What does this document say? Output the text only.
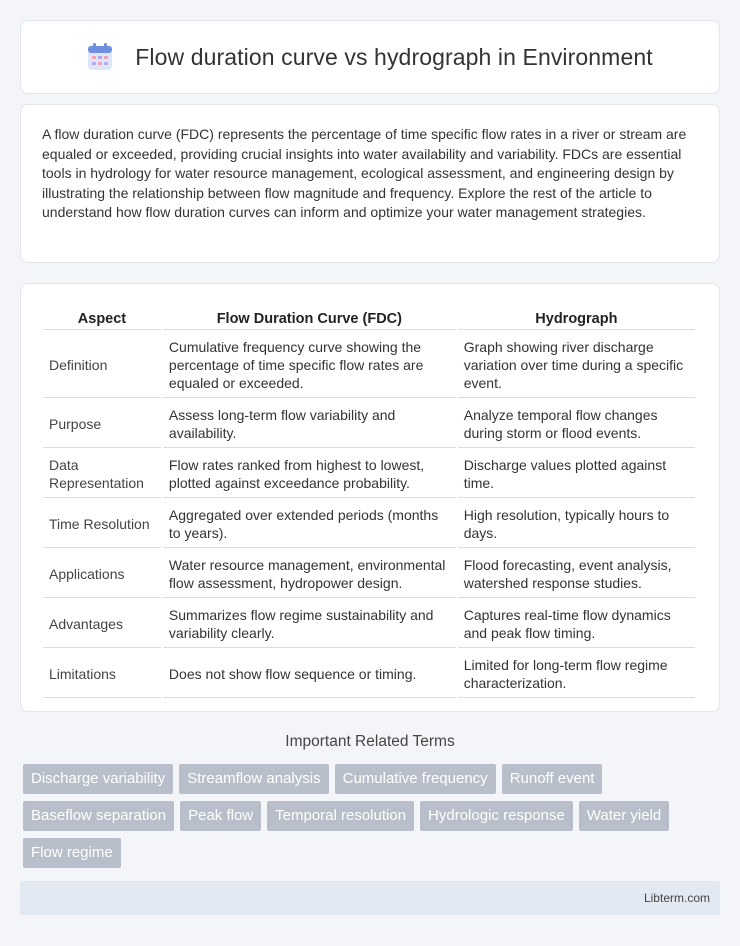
Flow duration curve vs hydrograph in Environment

A flow duration curve (FDC) represents the percentage of time specific flow rates in a river or stream are equaled or exceeded, providing crucial insights into water availability and variability. FDCs are essential tools in hydrology for water resource management, ecological assessment, and engineering design by illustrating the relationship between flow magnitude and frequency. Explore the rest of the article to understand how flow duration curves can inform and optimize your water management strategies.

Aspect	Flow Duration Curve (FDC)	Hydrograph
Definition	Cumulative frequency curve showing the percentage of time specific flow rates are equaled or exceeded.	Graph showing river discharge variation over time during a specific event.
Purpose	Assess long-term flow variability and availability.	Analyze temporal flow changes during storm or flood events.
Data Representation	Flow rates ranked from highest to lowest, plotted against exceedance probability.	Discharge values plotted against time.
Time Resolution	Aggregated over extended periods (months to years).	High resolution, typically hours to days.
Applications	Water resource management, environmental flow assessment, hydropower design.	Flood forecasting, event analysis, watershed response studies.
Advantages	Summarizes flow regime sustainability and variability clearly.	Captures real-time flow dynamics and peak flow timing.
Limitations	Does not show flow sequence or timing.	Limited for long-term flow regime characterization.
Important Related Terms
Discharge variability	Streamflow analysis	Cumulative frequency	Runoff event
Baseflow separation	Peak flow	Temporal resolution	Hydrologic response	Water yield
Flow regime
Libterm.com
